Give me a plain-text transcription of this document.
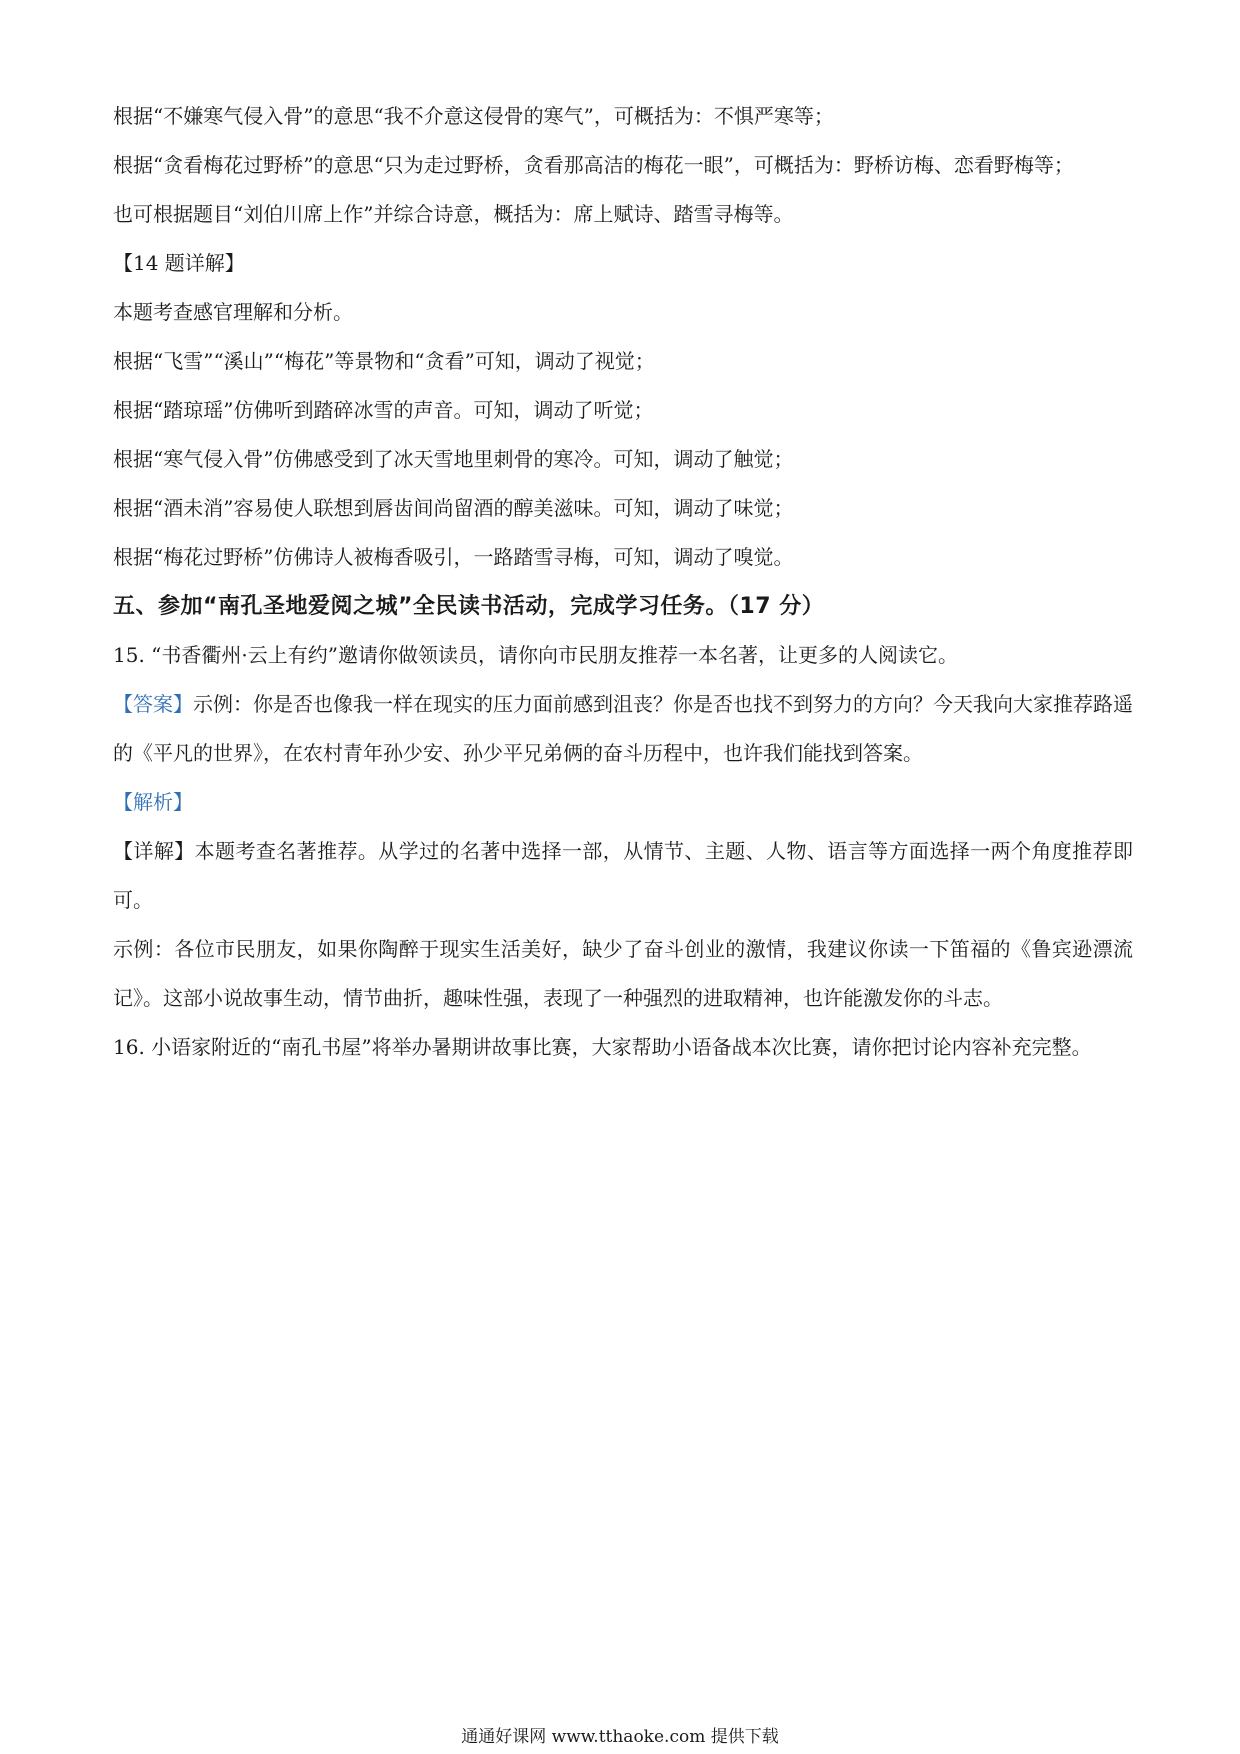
根据“不嫌寒气侵入骨”的意思“我不介意这侵骨的寒气”，可概括为：不惧严寒等；
根据“贪看梅花过野桥”的意思“只为走过野桥，贪看那高洁的梅花一眼”，可概括为：野桥访梅、恋看野梅等；
也可根据题目“刘伯川席上作”并综合诗意，概括为：席上赋诗、踏雪寻梅等。
【14 题详解】
本题考查感官理解和分析。
根据“飞雪”“溪山”“梅花”等景物和“贪看”可知，调动了视觉；
根据“踏琼瑶”仿佛听到踏碎冰雪的声音。可知，调动了听觉；
根据“寒气侵入骨”仿佛感受到了冰天雪地里刺骨的寒冷。可知，调动了触觉；
根据“酒未消”容易使人联想到唇齿间尚留酒的醇美滋味。可知，调动了味觉；
根据“梅花过野桥”仿佛诗人被梅香吸引，一路踏雪寻梅，可知，调动了嗅觉。
五、参加“南孔圣地爱阅之城”全民读书活动，完成学习任务。（17 分）
15. “书香衢州·云上有约”邀请你做领读员，请你向市民朋友推荐一本名著，让更多的人阅读它。
【答案】示例：你是否也像我一样在现实的压力面前感到沮丧？你是否也找不到努力的方向？今天我向大家推荐路遥的《平凡的世界》，在农村青年孙少安、孙少平兄弟俩的奋斗历程中，也许我们能找到答案。
【解析】
【详解】本题考查名著推荐。从学过的名著中选择一部，从情节、主题、人物、语言等方面选择一两个角度推荐即可。
示例：各位市民朋友，如果你陶醉于现实生活美好，缺少了奋斗创业的激情，我建议你读一下笛福的《鲁宾逊漂流记》。这部小说故事生动，情节曲折，趣味性强，表现了一种强烈的进取精神，也许能激发你的斗志。
16. 小语家附近的“南孔书屋”将举办暑期讲故事比赛，大家帮助小语备战本次比赛，请你把讨论内容补充完整。
通通好课网 www.tthaoke.com 提供下载
